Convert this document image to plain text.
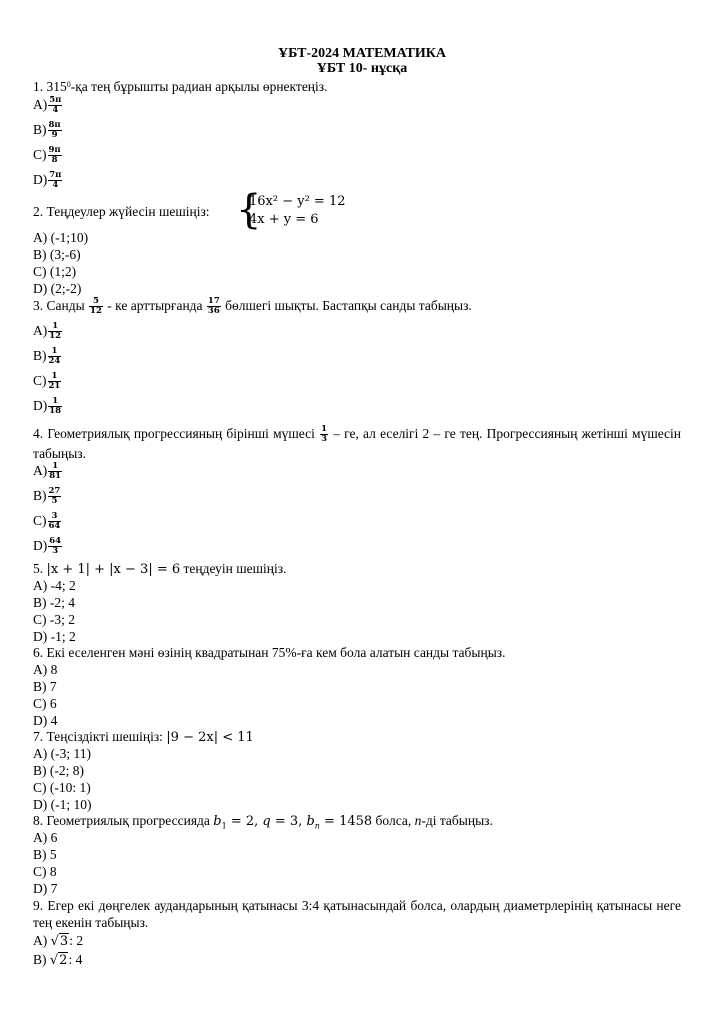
ҰБТ-2024 МАТЕМАТИКА
ҰБТ 10- нұсқа
1. $315^0-қа$ тең бұрышты радиан арқылы өрнектеңіз.
$A) \frac{5\pi}{4}$
$B) \frac{8\pi}{9}$
$C) \frac{9\pi}{8}$
$D) \frac{7\pi}{4}$
2. Теңдеулер жүйесін шешіңіз: {
16x² − y² = 12
4x + y = 6
A) (-1;10)
B) (3;-6)
C) (1;2)
D) (2;-2)
3. Санды $\frac{5}{12}$ - ке арттырғанда $\frac{17}{36}$ бөлшегі шықты. Бастапқы санды табыңыз.
$A) \frac{1}{12}$
$B) \frac{1}{24}$
$C) \frac{1}{21}$
$D) \frac{1}{18}$
4. Геометриялық прогрессияның бірінші мүшесі $\frac{1}{3}$ – ге, ал еселігі 2 – ге тең. Прогрессияның жетінші мүшесін табыңыз.
$A) \frac{1}{81}$
$B) \frac{27}{5}$
$C) \frac{3}{64}$
$D) \frac{64}{3}$
5. |x + 1| + |x − 3| = 6 теңдеуін шешіңіз.
A) -4; 2
B) -2; 4
C) -3; 2
D) -1; 2
6. Екі еселенген мәні өзінің квадратынан 75%-ға кем бола алатын санды табыңыз.
A) 8
B) 7
C) 6
D) 4
7. Теңсіздікті шешіңіз: |9 − 2x| < 11
A) (-3; 11)
B) (-2; 8)
C) (-10: 1)
D) (-1; 10)
8. Геометриялық прогрессияда $b_1 = 2$, q = 3, $b_n = 1458$ болса, n-ді табыңыз.
A) 6
B) 5
C) 8
D) 7
9. Егер екі дөңгелек аудандарының қатынасы 3:4 қатынасындай болса, олардың диаметрлерінің қатынасы неге тең екенін табыңыз.
A) √3: 2
B) √2: 4
